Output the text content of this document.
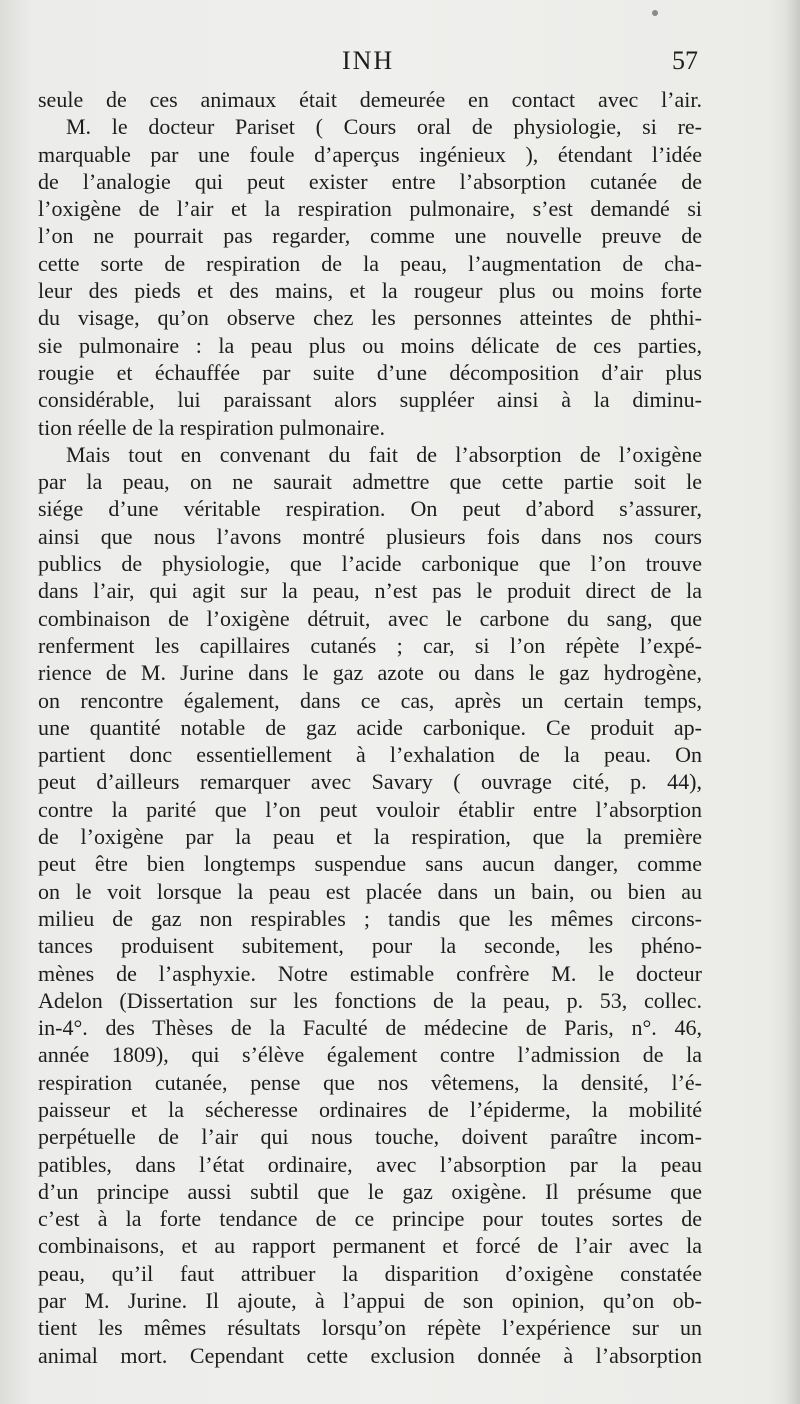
INH	57
seule de ces animaux était demeurée en contact avec l’air.
M. le docteur Pariset ( Cours oral de physiologie, si re-
marquable par une foule d’aperçus ingénieux ), étendant l’idée
de l’analogie qui peut exister entre l’absorption cutanée de
l’oxigène de l’air et la respiration pulmonaire, s’est demandé si
l’on ne pourrait pas regarder, comme une nouvelle preuve de
cette sorte de respiration de la peau, l’augmentation de cha-
leur des pieds et des mains, et la rougeur plus ou moins forte
du visage, qu’on observe chez les personnes atteintes de phthi-
sie pulmonaire : la peau plus ou moins délicate de ces parties,
rougie et échauffée par suite d’une décomposition d’air plus
considérable, lui paraissant alors suppléer ainsi à la diminu-
tion réelle de la respiration pulmonaire.
Mais tout en convenant du fait de l’absorption de l’oxigène
par la peau, on ne saurait admettre que cette partie soit le
siége d’une véritable respiration. On peut d’abord s’assurer,
ainsi que nous l’avons montré plusieurs fois dans nos cours
publics de physiologie, que l’acide carbonique que l’on trouve
dans l’air, qui agit sur la peau, n’est pas le produit direct de la
combinaison de l’oxigène détruit, avec le carbone du sang, que
renferment les capillaires cutanés ; car, si l’on répète l’expé-
rience de M. Jurine dans le gaz azote ou dans le gaz hydrogène,
on rencontre également, dans ce cas, après un certain temps,
une quantité notable de gaz acide carbonique. Ce produit ap-
partient donc essentiellement à l’exhalation de la peau. On
peut d’ailleurs remarquer avec Savary ( ouvrage cité, p. 44),
contre la parité que l’on peut vouloir établir entre l’absorption
de l’oxigène par la peau et la respiration, que la première
peut être bien longtemps suspendue sans aucun danger, comme
on le voit lorsque la peau est placée dans un bain, ou bien au
milieu de gaz non respirables ; tandis que les mêmes circons-
tances produisent subitement, pour la seconde, les phéno-
mènes de l’asphyxie. Notre estimable confrère M. le docteur
Adelon (Dissertation sur les fonctions de la peau, p. 53, collec.
in-4°. des Thèses de la Faculté de médecine de Paris, n°. 46,
année 1809), qui s’élève également contre l’admission de la
respiration cutanée, pense que nos vêtemens, la densité, l’é-
paisseur et la sécheresse ordinaires de l’épiderme, la mobilité
perpétuelle de l’air qui nous touche, doivent paraître incom-
patibles, dans l’état ordinaire, avec l’absorption par la peau
d’un principe aussi subtil que le gaz oxigène. Il présume que
c’est à la forte tendance de ce principe pour toutes sortes de
combinaisons, et au rapport permanent et forcé de l’air avec la
peau, qu’il faut attribuer la disparition d’oxigène constatée
par M. Jurine. Il ajoute, à l’appui de son opinion, qu’on ob-
tient les mêmes résultats lorsqu’on répète l’expérience sur un
animal mort. Cependant cette exclusion donnée à l’absorption
